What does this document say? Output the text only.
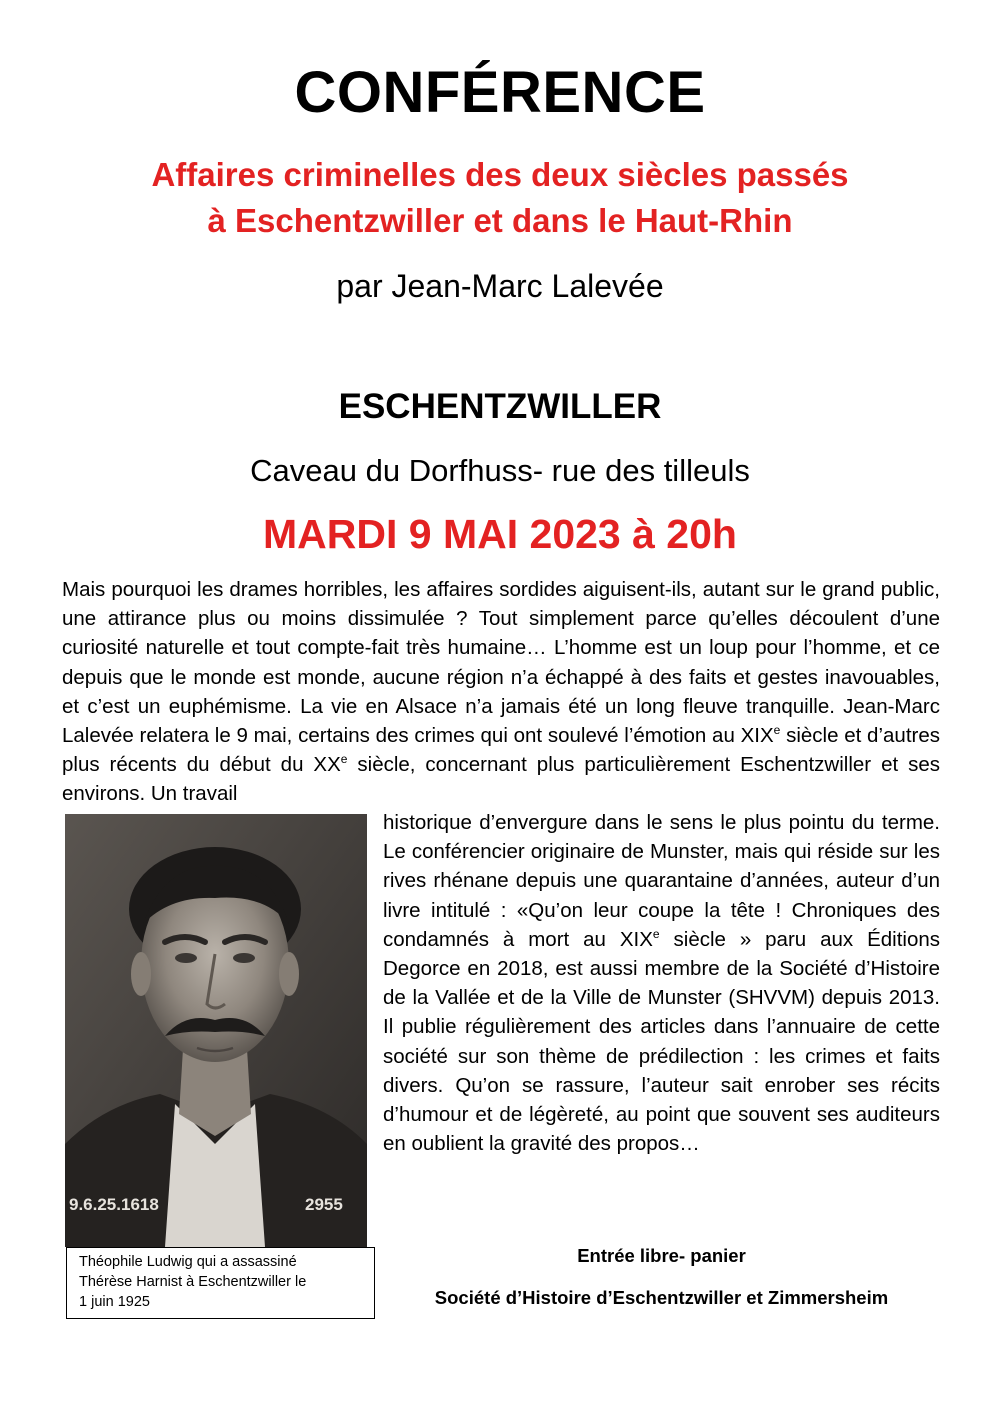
CONFÉRENCE
Affaires criminelles des deux siècles passés
à Eschentzwiller et dans le Haut-Rhin
par Jean-Marc Lalevée
ESCHENTZWILLER
Caveau du Dorfhuss- rue des tilleuls
MARDI 9 MAI 2023 à 20h

Mais pourquoi les drames horribles, les affaires sordides aiguisent-ils, autant sur le grand public, une attirance plus ou moins dissimulée ? Tout simplement parce qu’elles découlent d’une curiosité naturelle et tout compte-fait très humaine… L’homme est un loup pour l’homme, et ce depuis que le monde est monde, aucune région n’a échappé à des faits et gestes inavouables, et c’est un euphémisme. La vie en Alsace n’a jamais été un long fleuve tranquille. Jean-Marc Lalevée relatera le 9 mai, certains des crimes qui ont soulevé l’émotion au XIXe siècle et d’autres plus récents du début du XXe siècle, concernant plus particulièrement Eschentzwiller et ses environs. Un travail

9.6.25.1618	2955

Théophile Ludwig qui a assassiné

Thérèse Harnist à Eschentzwiller le

1 juin 1925

historique d’envergure dans le sens le plus pointu du terme. Le conférencier originaire de Munster, mais qui réside sur les rives rhénane depuis une quarantaine d’années, auteur d’un livre intitulé : «Qu’on leur coupe la tête ! Chroniques des condamnés à mort au XIXe siècle » paru aux Éditions Degorce en 2018, est aussi membre de la Société d’Histoire de la Vallée et de la Ville de Munster (SHVVM) depuis 2013. Il publie régulièrement des articles dans l’annuaire de cette société sur son thème de prédilection : les crimes et faits divers. Qu’on se rassure, l’auteur sait enrober ses récits d’humour et de légèreté, au point que souvent ses auditeurs en oublient la gravité des propos…

Entrée libre- panier
Société d’Histoire d’Eschentzwiller et Zimmersheim
